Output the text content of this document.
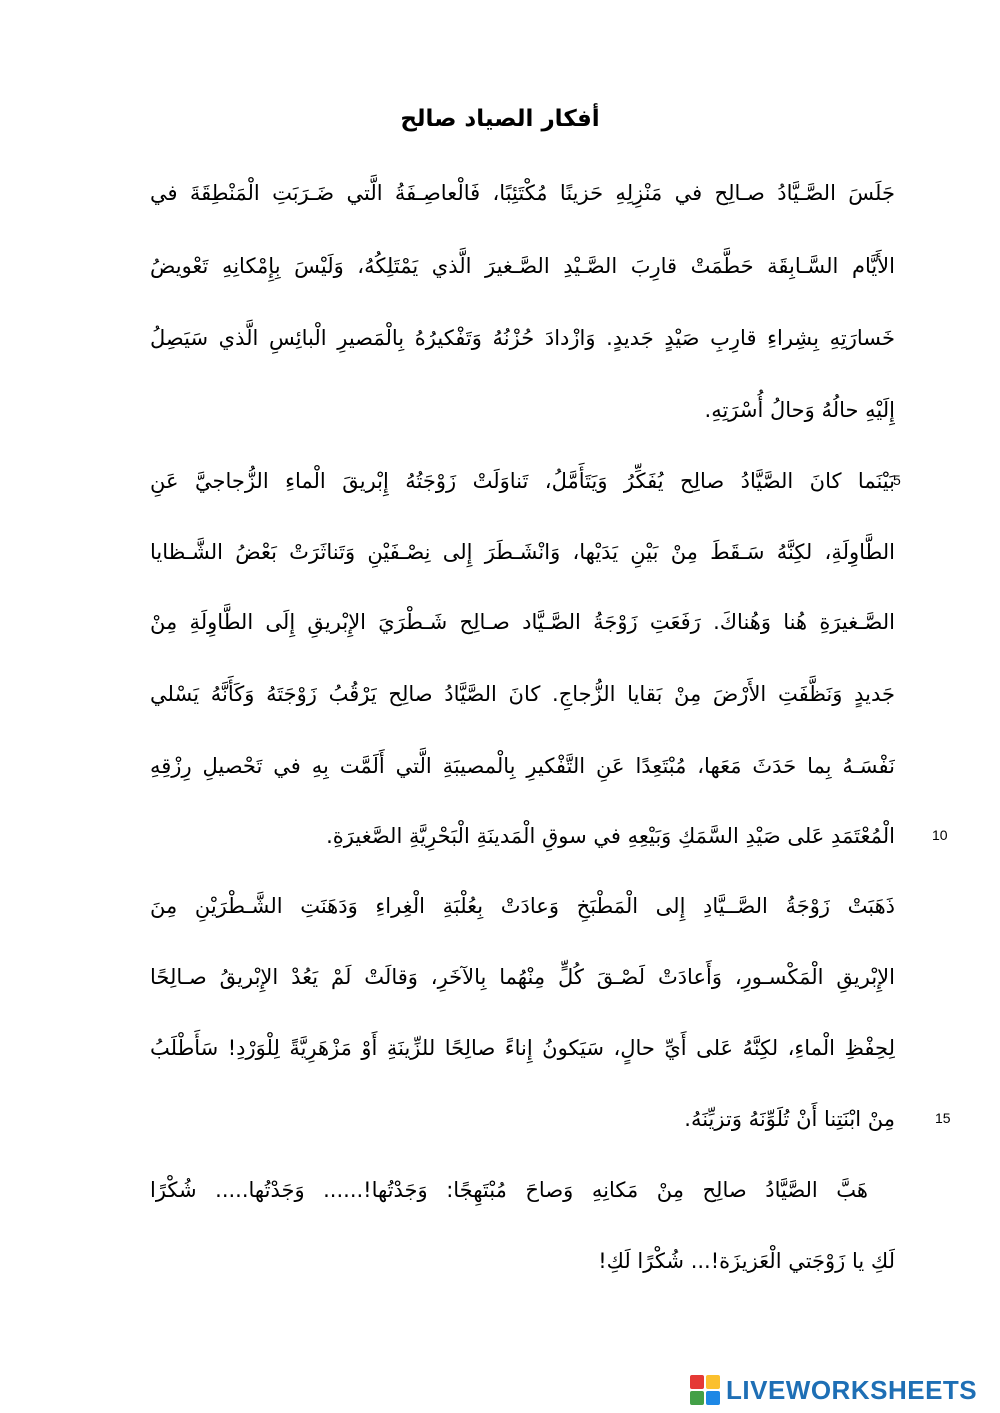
أفكار الصياد صالح
جَلَسَ الصَّـيَّادُ صـالِح في مَنْزِلِهِ حَزينًا مُكْتَئِبًا، فَالْعاصِـفَةُ الَّتي ضَـرَبَتِ الْمَنْطِقَةَ في
الأَيَّام السَّـابِقَة حَطَّمَتْ قارِبَ الصَّـيْدِ الصَّـغيرَ الَّذي يَمْتَلِكُهُ، وَلَيْسَ بِإِمْكانِهِ تَعْويضُ
خَسارَتِهِ بِشِراءِ قارِبِ صَيْدٍ جَديدٍ. وَازْدادَ حُزْنُهُ وَتَفْكيرُهُ بِالْمَصيرِ الْبائِسِ الَّذي سَيَصِلُ
إِلَيْهِ حالُهُ وَحالُ أُسْرَتِهِ.
بَيْنَما كانَ الصَّيَّادُ صالِح يُفَكِّرُ وَيَتَأَمَّلُ، تَناوَلَتْ زَوْجَتُهُ إِبْريقَ الْماءِ الزُّجاجيَّ عَنِ
5
الطَّاوِلَةِ، لكِنَّهُ سَـقَطَ مِنْ بَيْنِ يَدَيْها، وَانْشَـطَرَ إِلى نِصْـفَيْنِ وَتَناثَرَتْ بَعْضُ الشَّـظايا
الصَّـغيرَةِ هُنا وَهُناكَ. رَفَعَتِ زَوْجَةُ الصَّـيَّاد صـالِح شَـطْرَيَ الإِبْريقِ إِلَى الطَّاوِلَةِ مِنْ
جَديدٍ وَنَظَّفَتِ الأَرْضَ مِنْ بَقايا الزُّجاجِ. كانَ الصَّيَّادُ صالِح يَرْقُبُ زَوْجَتَهُ وَكَأَنَّهُ يَسْلي
نَفْسَـهُ بِما حَدَثَ مَعَها، مُبْتَعِدًا عَنِ التَّفْكيرِ بِالْمصيبَةِ الَّتي أَلَمَّت بِهِ في تَحْصيلِ رِزْقِهِ
الْمُعْتَمَدِ عَلى صَيْدِ السَّمَكِ وَبَيْعِهِ في سوقِ الْمَدينَةِ الْبَحْرِيَّةِ الصَّغيرَةِ.	10
ذَهَبَتْ زَوْجَةُ الصَّــيَّادِ إِلى الْمَطْبَخِ وَعادَتْ بِعُلْبَةِ الْغِراءِ وَدَهَنَتِ الشَّـطْرَيْنِ مِنَ
الإِبْريقِ الْمَكْسـورِ، وَأَعادَتْ لَصْـقَ كُلٍّ مِنْهُما بِالآخَرِ، وَقالَتْ لَمْ يَعُدْ الإِبْريقُ صـالِحًا
لِحِفْظِ الْماءِ، لكِنَّهُ عَلى أَيِّ حالٍ، سَيَكونُ إِناءً صالِحًا للزِّينَةِ أَوْ مَزْهَرِيَّةً لِلْوَرْدِ! سَأَطْلَبُ
مِنْ ابْنَتِنا أَنْ تُلَوِّنَهُ وَتزيِّنَهُ.	15
هَبَّ الصَّيَّادُ صالِح مِنْ مَكانِهِ وَصاحَ مُبْتَهِجًا: وَجَدْتُها!...... وَجَدْتُها..... شُكْرًا
لَكِ يا زَوْجَتي الْعَزيزَة!... شُكْرًا لَكِ!
LIVEWORKSHEETS
